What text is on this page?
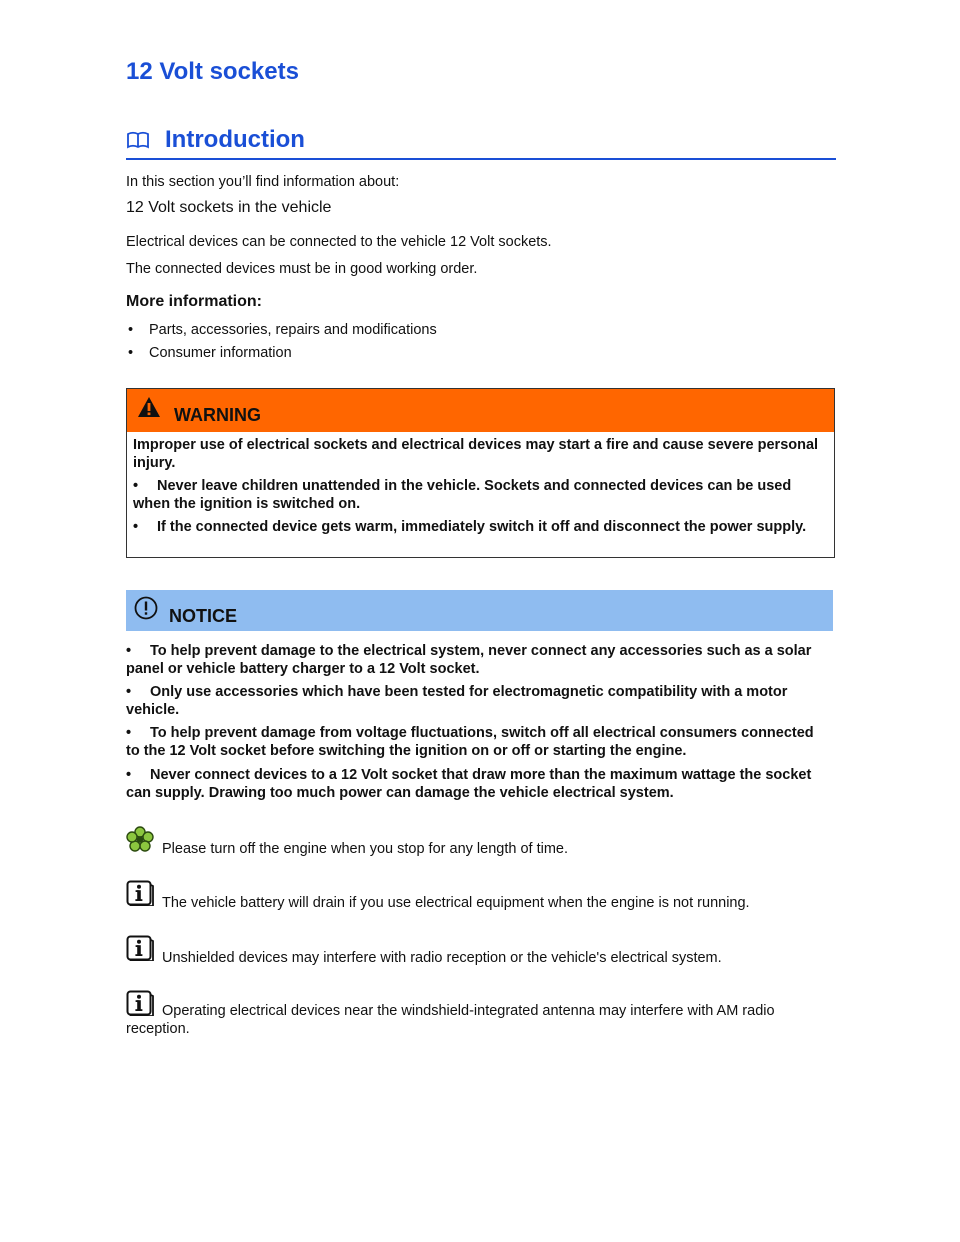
12 Volt sockets
Introduction

In this section you’ll find information about:

12 Volt sockets in the vehicle

Electrical devices can be connected to the vehicle 12 Volt sockets.

The connected devices must be in good working order.

More information:

• Parts, accessories, repairs and modifications
• Consumer information
WARNING

Improper use of electrical sockets and electrical devices may start a fire and cause severe personal injury.

• Never leave children unattended in the vehicle. Sockets and connected devices can be used when the ignition is switched on.

• If the connected device gets warm, immediately switch it off and disconnect the power supply.

NOTICE

• To help prevent damage to the electrical system, never connect any accessories such as a solar panel or vehicle battery charger to a 12 Volt socket.

• Only use accessories which have been tested for electromagnetic compatibility with a motor vehicle.

• To help prevent damage from voltage fluctuations, switch off all electrical consumers connected to the 12 Volt socket before switching the ignition on or off or starting the engine.

• Never connect devices to a 12 Volt socket that draw more than the maximum wattage the socket can supply. Drawing too much power can damage the vehicle electrical system.

Please turn off the engine when you stop for any length of time.

The vehicle battery will drain if you use electrical equipment when the engine is not running.

Unshielded devices may interfere with radio reception or the vehicle's electrical system.

Operating electrical devices near the windshield-integrated antenna may interfere with AM radio reception.
